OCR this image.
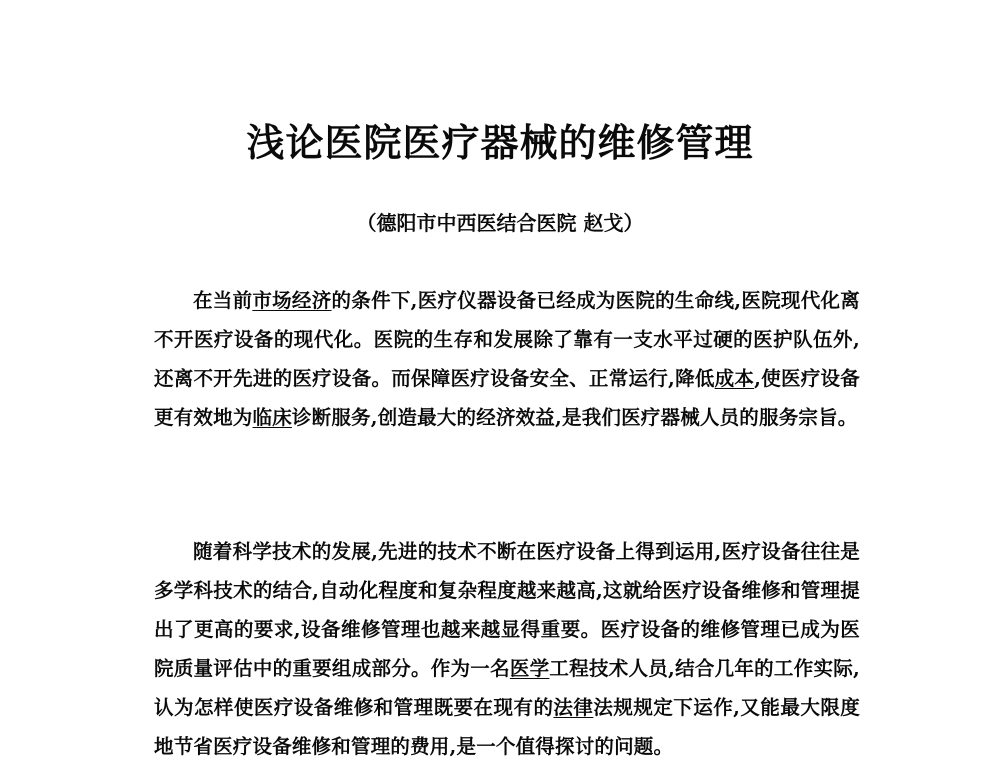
浅论医院医疗器械的维修管理
（德阳市中西医结合医院 赵戈）

在当前市场经济的条件下,医疗仪器设备已经成为医院的生命线,医院现代化离不开医疗设备的现代化。医院的生存和发展除了靠有一支水平过硬的医护队伍外,还离不开先进的医疗设备。而保障医疗设备安全、正常运行,降低成本,使医疗设备更有效地为临床诊断服务,创造最大的经济效益,是我们医疗器械人员的服务宗旨。

随着科学技术的发展,先进的技术不断在医疗设备上得到运用,医疗设备往往是多学科技术的结合,自动化程度和复杂程度越来越高,这就给医疗设备维修和管理提出了更高的要求,设备维修管理也越来越显得重要。医疗设备的维修管理已成为医院质量评估中的重要组成部分。作为一名医学工程技术人员,结合几年的工作实际,认为怎样使医疗设备维修和管理既要在现有的法律法规规定下运作,又能最大限度地节省医疗设备维修和管理的费用,是一个值得探讨的问题。
